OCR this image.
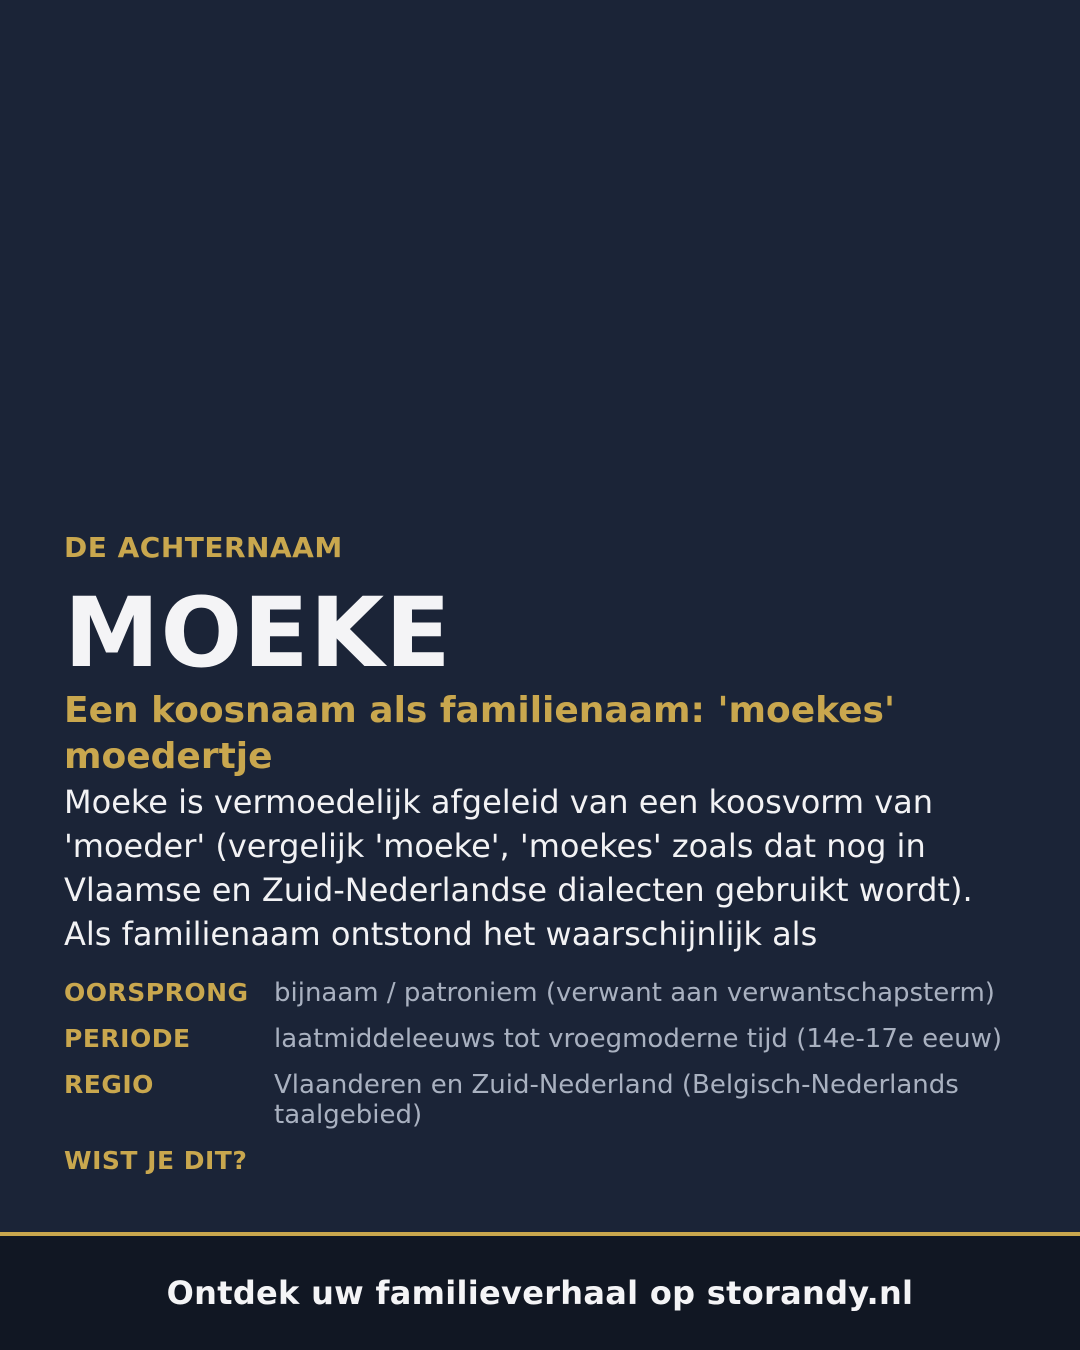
DE ACHTERNAAM

MOEKE
Een koosnaam als familienaam: 'moekes' moedertje

Moeke is vermoedelijk afgeleid van een koosvorm van 'moeder' (vergelijk 'moeke', 'moekes' zoals dat nog in Vlaamse en Zuid-Nederlandse dialecten gebruikt wordt). Als familienaam ontstond het waarschijnlijk als

OORSPRONG bijnaam / patroniem (verwant aan verwantschapsterm)
PERIODE	laatmiddeleeuws tot vroegmoderne tijd (14e-17e eeuw)
REGIO	Vlaanderen en Zuid-Nederland (Belgisch-Nederlands taalgebied)
WIST JE DIT?
Ontdek uw familieverhaal op storandy.nl
